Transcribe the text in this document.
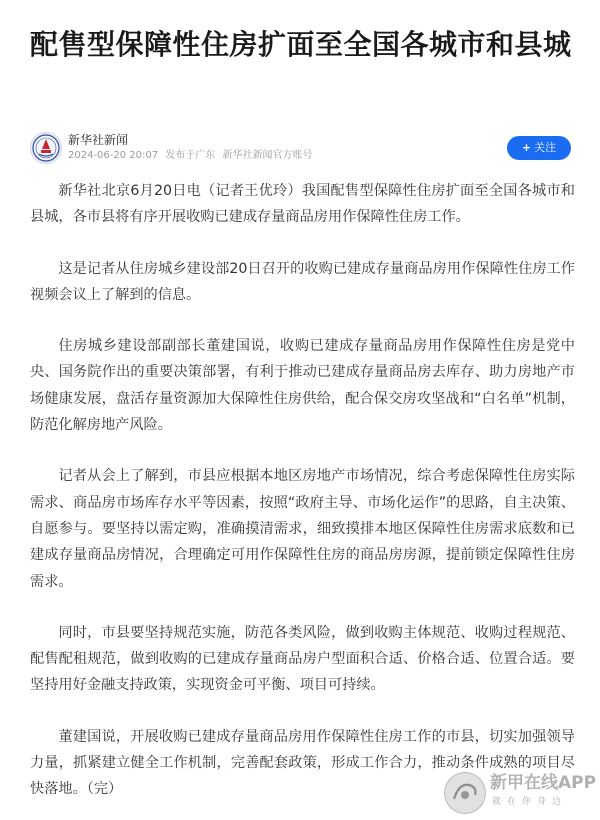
配售型保障性住房扩面至全国各城市和县城
新华社新闻
2024-06-20 20:07 发布于广东 新华社新闻官方账号
+ 关注

新华社北京6月20日电（记者王优玲）我国配售型保障性住房扩面至全国各城市和县城，各市县将有序开展收购已建成存量商品房用作保障性住房工作。

这是记者从住房城乡建设部20日召开的收购已建成存量商品房用作保障性住房工作视频会议上了解到的信息。

住房城乡建设部副部长董建国说，收购已建成存量商品房用作保障性住房是党中央、国务院作出的重要决策部署，有利于推动已建成存量商品房去库存、助力房地产市场健康发展，盘活存量资源加大保障性住房供给，配合保交房攻坚战和“白名单”机制，防范化解房地产风险。

记者从会上了解到，市县应根据本地区房地产市场情况，综合考虑保障性住房实际需求、商品房市场库存水平等因素，按照“政府主导、市场化运作”的思路，自主决策、自愿参与。要坚持以需定购，准确摸清需求，细致摸排本地区保障性住房需求底数和已建成存量商品房情况，合理确定可用作保障性住房的商品房房源，提前锁定保障性住房需求。

同时，市县要坚持规范实施，防范各类风险，做到收购主体规范、收购过程规范、配售配租规范，做到收购的已建成存量商品房户型面积合适、价格合适、位置合适。要坚持用好金融支持政策，实现资金可平衡、项目可持续。

董建国说，开展收购已建成存量商品房用作保障性住房工作的市县，切实加强领导力量，抓紧建立健全工作机制，完善配套政策，形成工作合力，推动条件成熟的项目尽快落地。（完）	新甲在线APP
就在你身边
